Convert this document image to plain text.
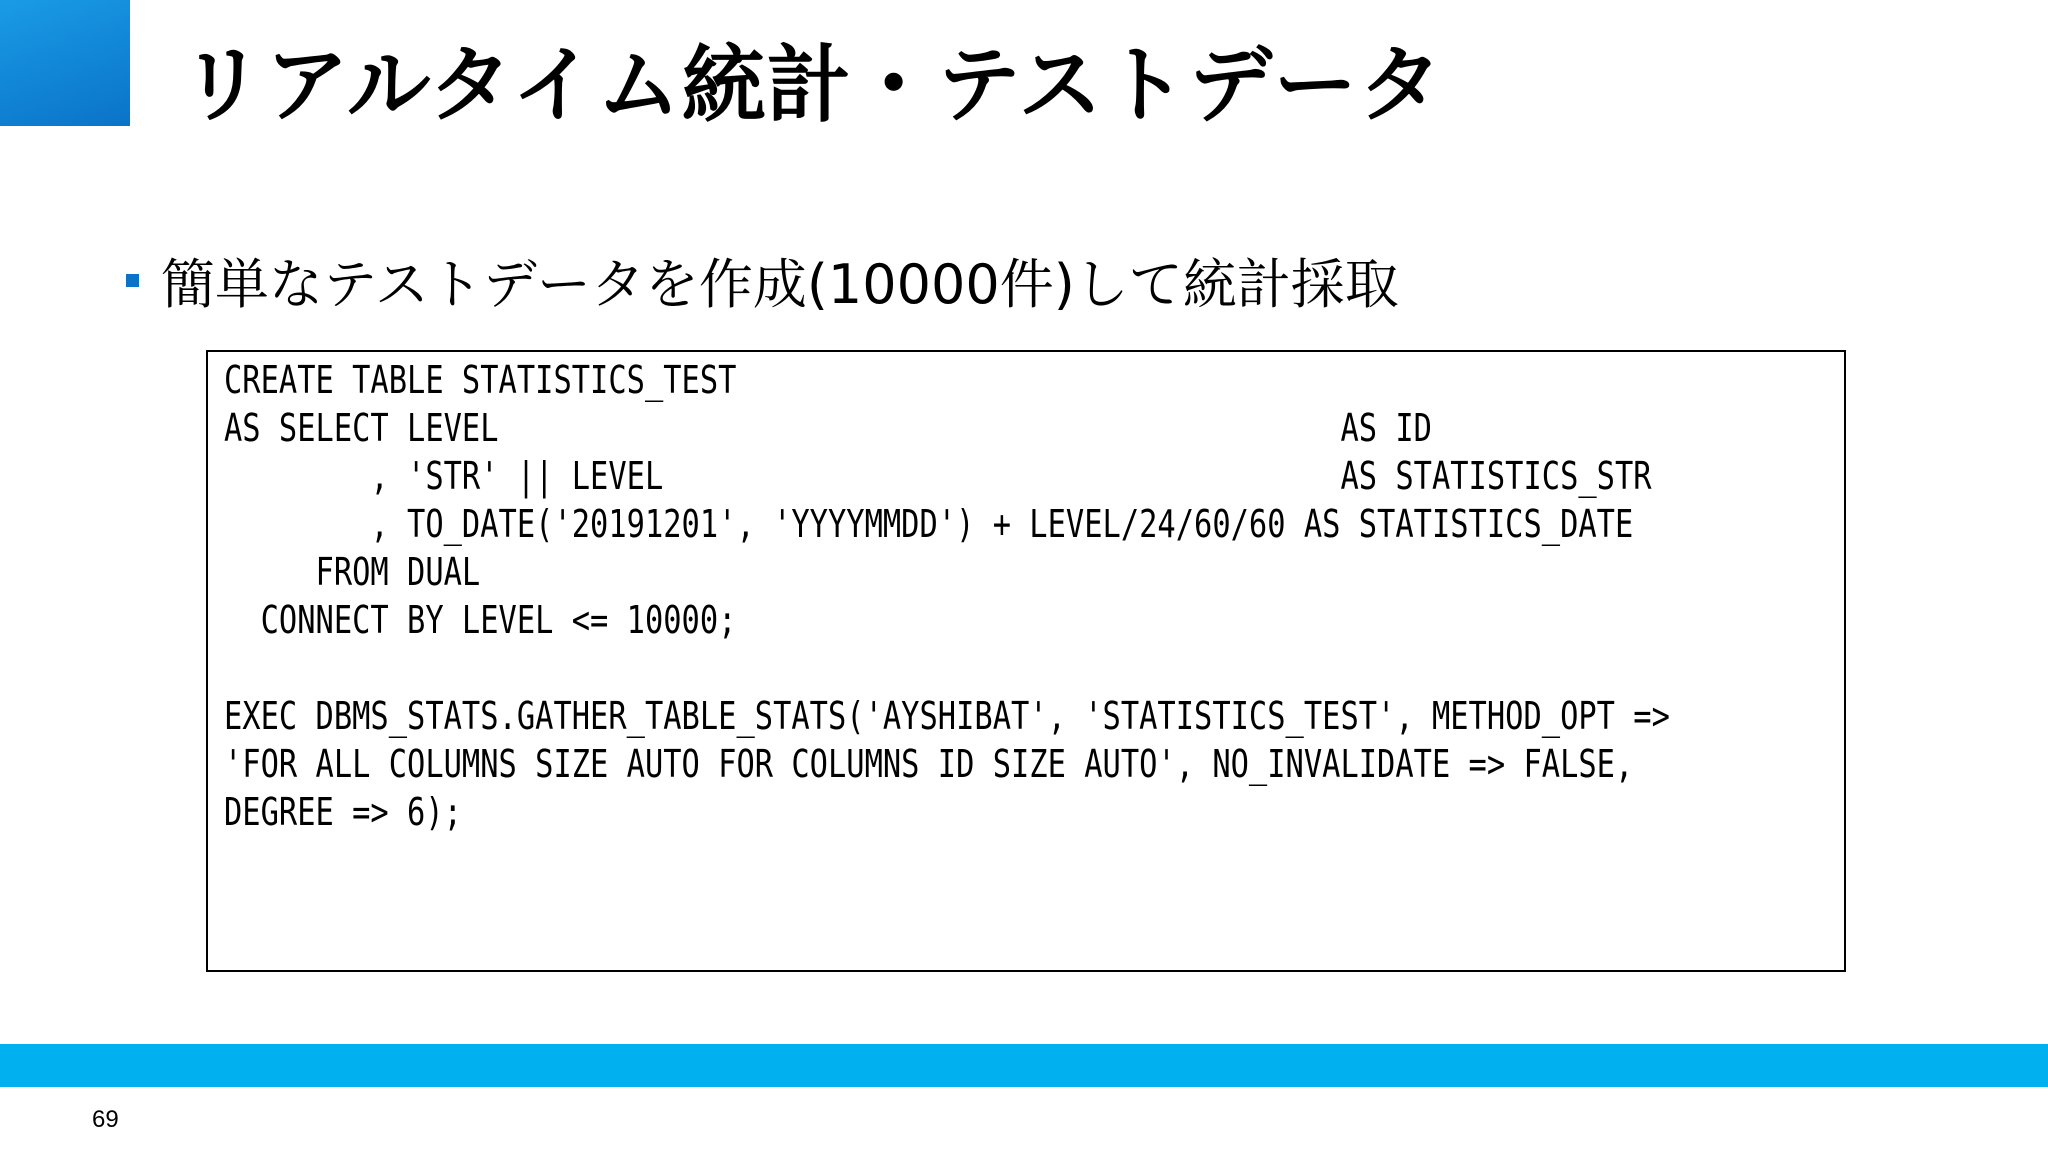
リアルタイム統計・テストデータ
簡単なテストデータを作成(10000件)して統計採取
CREATE TABLE STATISTICS_TEST
AS SELECT LEVEL                                              AS ID
, 'STR' || LEVEL                                     AS STATISTICS_STR
, TO_DATE('20191201', 'YYYYMMDD') + LEVEL/24/60/60 AS STATISTICS_DATE
FROM DUAL
CONNECT BY LEVEL <= 10000;
EXEC DBMS_STATS.GATHER_TABLE_STATS('AYSHIBAT', 'STATISTICS_TEST', METHOD_OPT =>
'FOR ALL COLUMNS SIZE AUTO FOR COLUMNS ID SIZE AUTO', NO_INVALIDATE => FALSE,
DEGREE => 6);
69
